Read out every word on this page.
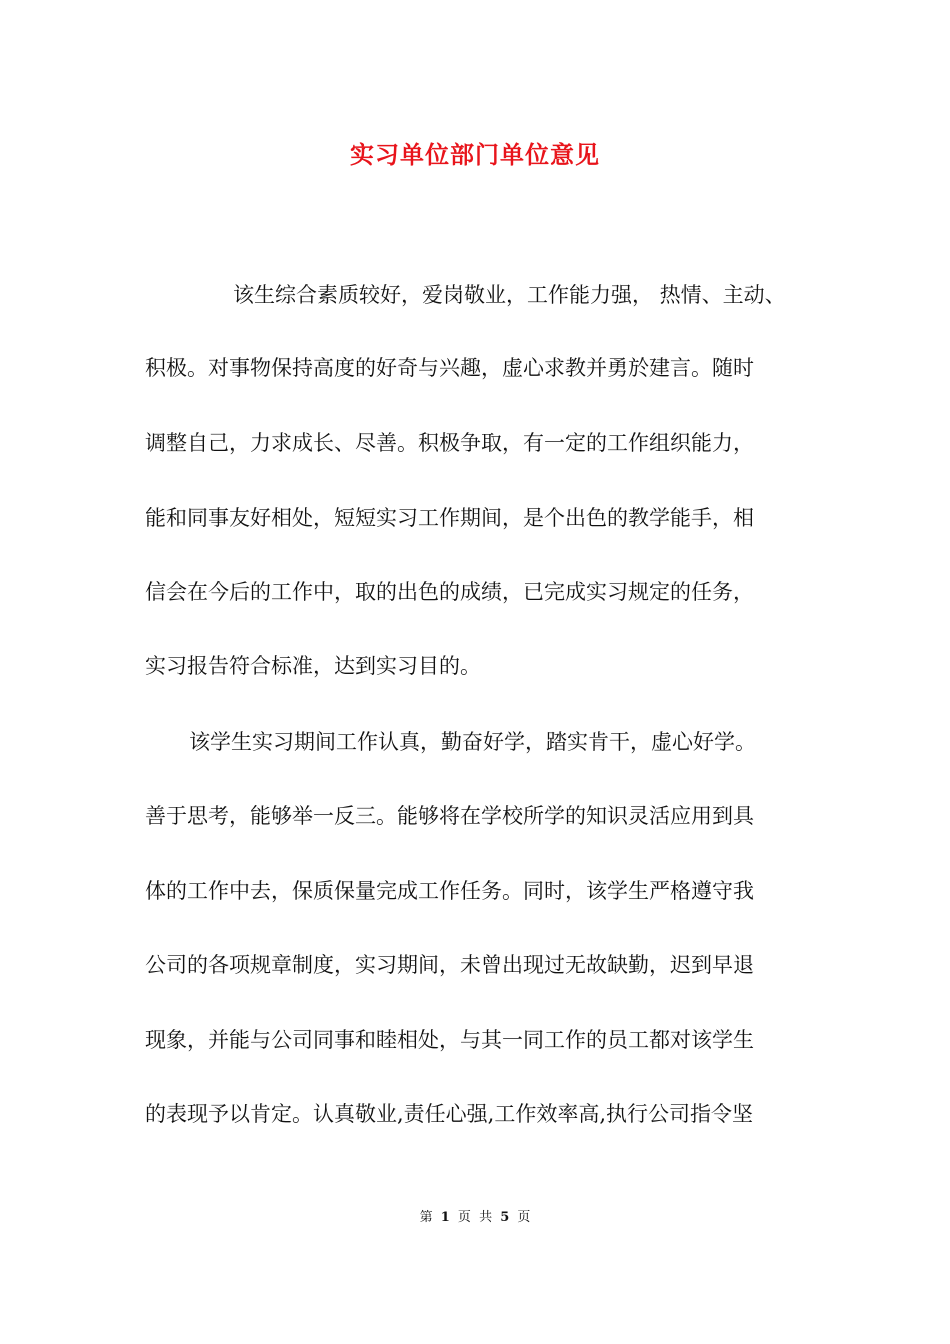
实习单位部门单位意见
该生综合素质较好，爱岗敬业，工作能力强， 热情、主动、
积极。对事物保持高度的好奇与兴趣，虚心求教并勇於建言。随时
调整自己，力求成长、尽善。积极争取，有一定的工作组织能力，
能和同事友好相处，短短实习工作期间，是个出色的教学能手，相
信会在今后的工作中，取的出色的成绩，已完成实习规定的任务，
实习报告符合标准，达到实习目的。
该学生实习期间工作认真，勤奋好学，踏实肯干，虚心好学。
善于思考，能够举一反三。能够将在学校所学的知识灵活应用到具
体的工作中去，保质保量完成工作任务。同时，该学生严格遵守我
公司的各项规章制度，实习期间，未曾出现过无故缺勤，迟到早退
现象，并能与公司同事和睦相处，与其一同工作的员工都对该学生
的表现予以肯定。认真敬业,责任心强,工作效率高,执行公司指令坚
第 1 页 共 5 页
